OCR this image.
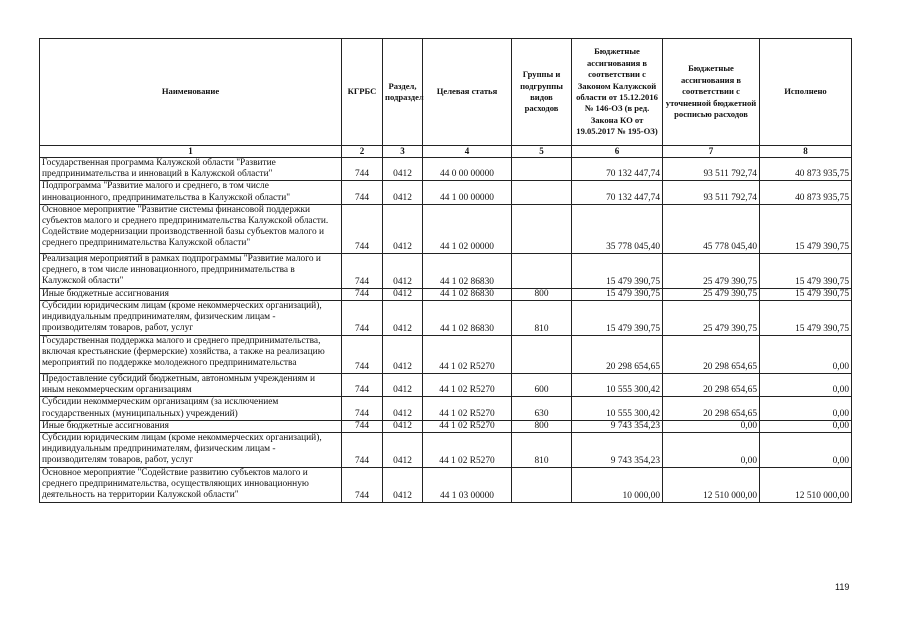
Наименование	КГРБС	Раздел, подраздел	Целевая статья	Группы и подгруппы видов расходов	Бюджетные ассигнования в соответствии с Законом Калужской области от 15.12.2016 № 146-ОЗ (в ред. Закона КО от 19.05.2017 № 195-ОЗ)	Бюджетные ассигнования в соответствии с уточненной бюджетной росписью расходов	Исполнено
1	2	3	4	5	6	7	8
Государственная программа Калужской области "Развитие предпринимательства и инноваций в Калужской области"	744	0412	44 0 00 00000		70 132 447,74	93 511 792,74	40 873 935,75
Подпрограмма "Развитие малого и среднего, в том числе инновационного, предпринимательства в Калужской области"	744	0412	44 1 00 00000		70 132 447,74	93 511 792,74	40 873 935,75
Основное мероприятие "Развитие системы финансовой поддержки субъектов малого и среднего предпринимательства Калужской области. Содействие модернизации производственной базы субъектов малого и среднего предпринимательства Калужской области"	744	0412	44 1 02 00000		35 778 045,40	45 778 045,40	15 479 390,75
Реализация мероприятий в рамках подпрограммы "Развитие малого и среднего, в том числе инновационного, предпринимательства в Калужской области"	744	0412	44 1 02 86830		15 479 390,75	25 479 390,75	15 479 390,75
Иные бюджетные ассигнования	744	0412	44 1 02 86830	800	15 479 390,75	25 479 390,75	15 479 390,75
Субсидии юридическим лицам (кроме некоммерческих организаций), индивидуальным предпринимателям, физическим лицам - производителям товаров, работ, услуг	744	0412	44 1 02 86830	810	15 479 390,75	25 479 390,75	15 479 390,75
Государственная поддержка малого и среднего предпринимательства, включая крестьянские (фермерские) хозяйства, а также на реализацию мероприятий по поддержке молодежного предпринимательства	744	0412	44 1 02 R5270		20 298 654,65	20 298 654,65	0,00
Предоставление субсидий бюджетным, автономным учреждениям и иным некоммерческим организациям	744	0412	44 1 02 R5270	600	10 555 300,42	20 298 654,65	0,00
Субсидии некоммерческим организациям (за исключением государственных (муниципальных) учреждений)	744	0412	44 1 02 R5270	630	10 555 300,42	20 298 654,65	0,00
Иные бюджетные ассигнования	744	0412	44 1 02 R5270	800	9 743 354,23	0,00	0,00
Субсидии юридическим лицам (кроме некоммерческих организаций), индивидуальным предпринимателям, физическим лицам - производителям товаров, работ, услуг	744	0412	44 1 02 R5270	810	9 743 354,23	0,00	0,00
Основное мероприятие "Содействие развитию субъектов малого и среднего предпринимательства, осуществляющих инновационную деятельность на территории Калужской области"	744	0412	44 1 03 00000		10 000,00	12 510 000,00	12 510 000,00
119
